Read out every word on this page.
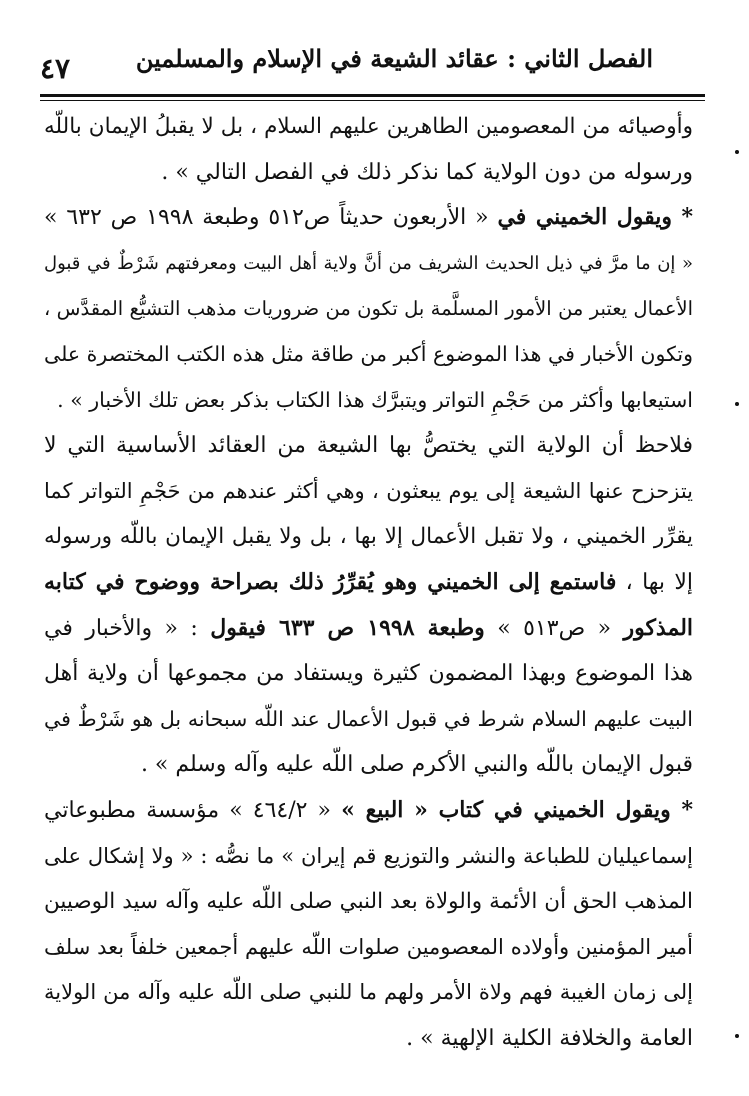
٤٧	الفصل الثاني : عقائد الشيعة في الإسلام والمسلمين
وأوصيائه من المعصومين الطاهرين عليهم السلام ، بل لا يقبلُ الإيمان باللّه
ورسوله من دون الولاية كما نذكر ذلك في الفصل التالي » .
* ويقول الخميني في « الأربعون حديثاً ص٥١٢ وطبعة ١٩٩٨ ص ٦٣٢ »
« إن ما مرَّ في ذيل الحديث الشريف من أنَّ ولاية أهل البيت ومعرفتهم شَرْطٌ في قبول
الأعمال يعتبر من الأمور المسلَّمة بل تكون من ضروريات مذهب التشيُّع المقدَّس ،
وتكون الأخبار في هذا الموضوع أكبر من طاقة مثل هذه الكتب المختصرة على
استيعابها وأكثر من حَجْمِ التواتر ويتبرَّك هذا الكتاب بذكر بعض تلك الأخبار » .
فلاحظ أن الولاية التي يختصُّ بها الشيعة من العقائد الأساسية التي لا
يتزحزح عنها الشيعة إلى يوم يبعثون ، وهي أكثر عندهم من حَجْمِ التواتر كما
يقرِّر الخميني ، ولا تقبل الأعمال إلا بها ، بل ولا يقبل الإيمان باللّه ورسوله
إلا بها ، فاستمع إلى الخميني وهو يُقرِّرُ ذلك بصراحة ووضوح في كتابه
المذكور « ص٥١٣ » وطبعة ١٩٩٨ ص ٦٣٣ فيقول : « والأخبار في
هذا الموضوع وبهذا المضمون كثيرة ويستفاد من مجموعها أن ولاية أهل
البيت عليهم السلام شرط في قبول الأعمال عند اللّه سبحانه بل هو شَرْطٌ في
قبول الإيمان باللّه والنبي الأكرم صلى اللّه عليه وآله وسلم » .
* ويقول الخميني في كتاب « البيع » « ٤٦٤/٢ » مؤسسة مطبوعاتي
إسماعيليان للطباعة والنشر والتوزيع قم إيران » ما نصُّه : « ولا إشكال على
المذهب الحق أن الأئمة والولاة بعد النبي صلى اللّه عليه وآله سيد الوصيين
أمير المؤمنين وأولاده المعصومين صلوات اللّه عليهم أجمعين خلفاً بعد سلف
إلى زمان الغيبة فهم ولاة الأمر ولهم ما للنبي صلى اللّه عليه وآله من الولاية
العامة والخلافة الكلية الإلهية » .
